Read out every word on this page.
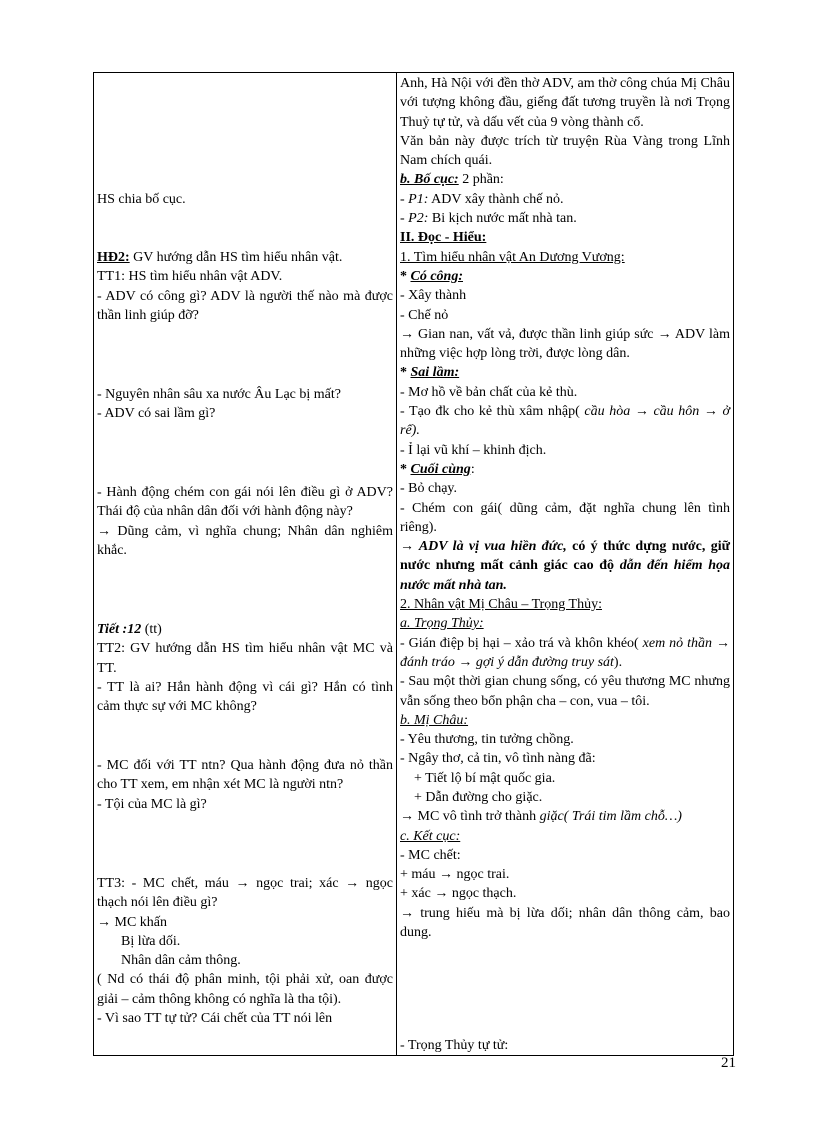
HS chia bố cục.
HĐ2: GV hướng dẫn HS tìm hiểu nhân vật.
TT1: HS tìm hiểu nhân vật ADV.
- ADV có công gì? ADV là người thế nào mà được thần linh giúp đỡ?
- Nguyên nhân sâu xa nước Âu Lạc bị mất?
- ADV có sai lầm gì?
- Hành động chém con gái nói lên điều gì ở ADV? Thái độ của nhân dân đối với hành động này?
→ Dũng cảm, vì nghĩa chung; Nhân dân nghiêm khắc.
Tiết :12 (tt)
TT2: GV hướng dẫn HS tìm hiểu nhân vật MC và TT.
- TT là ai? Hắn hành động vì cái gì? Hắn có tình cảm thực sự với MC không?
- MC đối với TT ntn? Qua hành động đưa nỏ thần cho TT xem, em nhận xét MC là người ntn?
- Tội của MC là gì?
TT3: - MC chết, máu → ngọc trai; xác → ngọc thạch nói lên điều gì?
→ MC khấn
Bị lừa dối.
Nhân dân cảm thông.
( Nd có thái độ phân minh, tội phải xử, oan được giải – cảm thông không có nghĩa là tha tội).
- Vì sao TT tự tử? Cái chết của TT nói lên
Anh, Hà Nội với đền thờ ADV, am thờ công chúa Mị Châu với tượng không đầu, giếng đất tương truyền là nơi Trọng Thuỷ tự tử, và dấu vết của 9 vòng thành cổ.
Văn bản này được trích từ truyện Rùa Vàng trong Lĩnh Nam chích quái.
b. Bố cục: 2 phần:
- P1: ADV xây thành chế nỏ.
- P2: Bi kịch nước mất nhà tan.
II. Đọc - Hiểu:
1. Tìm hiểu nhân vật An Dương Vương:
* Có công:
- Xây thành
- Chế nỏ
→ Gian nan, vất vả, được thần linh giúp sức → ADV làm những việc hợp lòng trời, được lòng dân.
* Sai lầm:
- Mơ hồ về bản chất của kẻ thù.
- Tạo đk cho kẻ thù xâm nhập( cầu hòa → cầu hôn → ở rể).
- Ỉ lại vũ khí – khinh địch.
* Cuối cùng:
- Bỏ chạy.
- Chém con gái( dũng cảm, đặt nghĩa chung lên tình riêng).
→ ADV là vị vua hiền đức, có ý thức dựng nước, giữ nước nhưng mất cảnh giác cao độ dẫn đến hiểm họa nước mất nhà tan.
2. Nhân vật Mị Châu – Trọng Thủy:
a. Trọng Thủy:
- Gián điệp bị hại – xảo trá và khôn khéo( xem nỏ thần → đánh tráo → gợi ý dẫn đường truy sát).
- Sau một thời gian chung sống, có yêu thương MC nhưng vẫn sống theo bổn phận cha – con, vua – tôi.
b. Mị Châu:
- Yêu thương, tin tưởng chồng.
- Ngây thơ, cả tin, vô tình nàng đã:
+ Tiết lộ bí mật quốc gia.
+ Dẫn đường cho giặc.
→ MC vô tình trở thành giặc( Trái tim lầm chỗ…)
c. Kết cục:
- MC chết:
+ máu → ngọc trai.
+ xác → ngọc thạch.
→ trung hiếu mà bị lừa dối; nhân dân thông cảm, bao dung.
- Trọng Thủy tự tử:
21
